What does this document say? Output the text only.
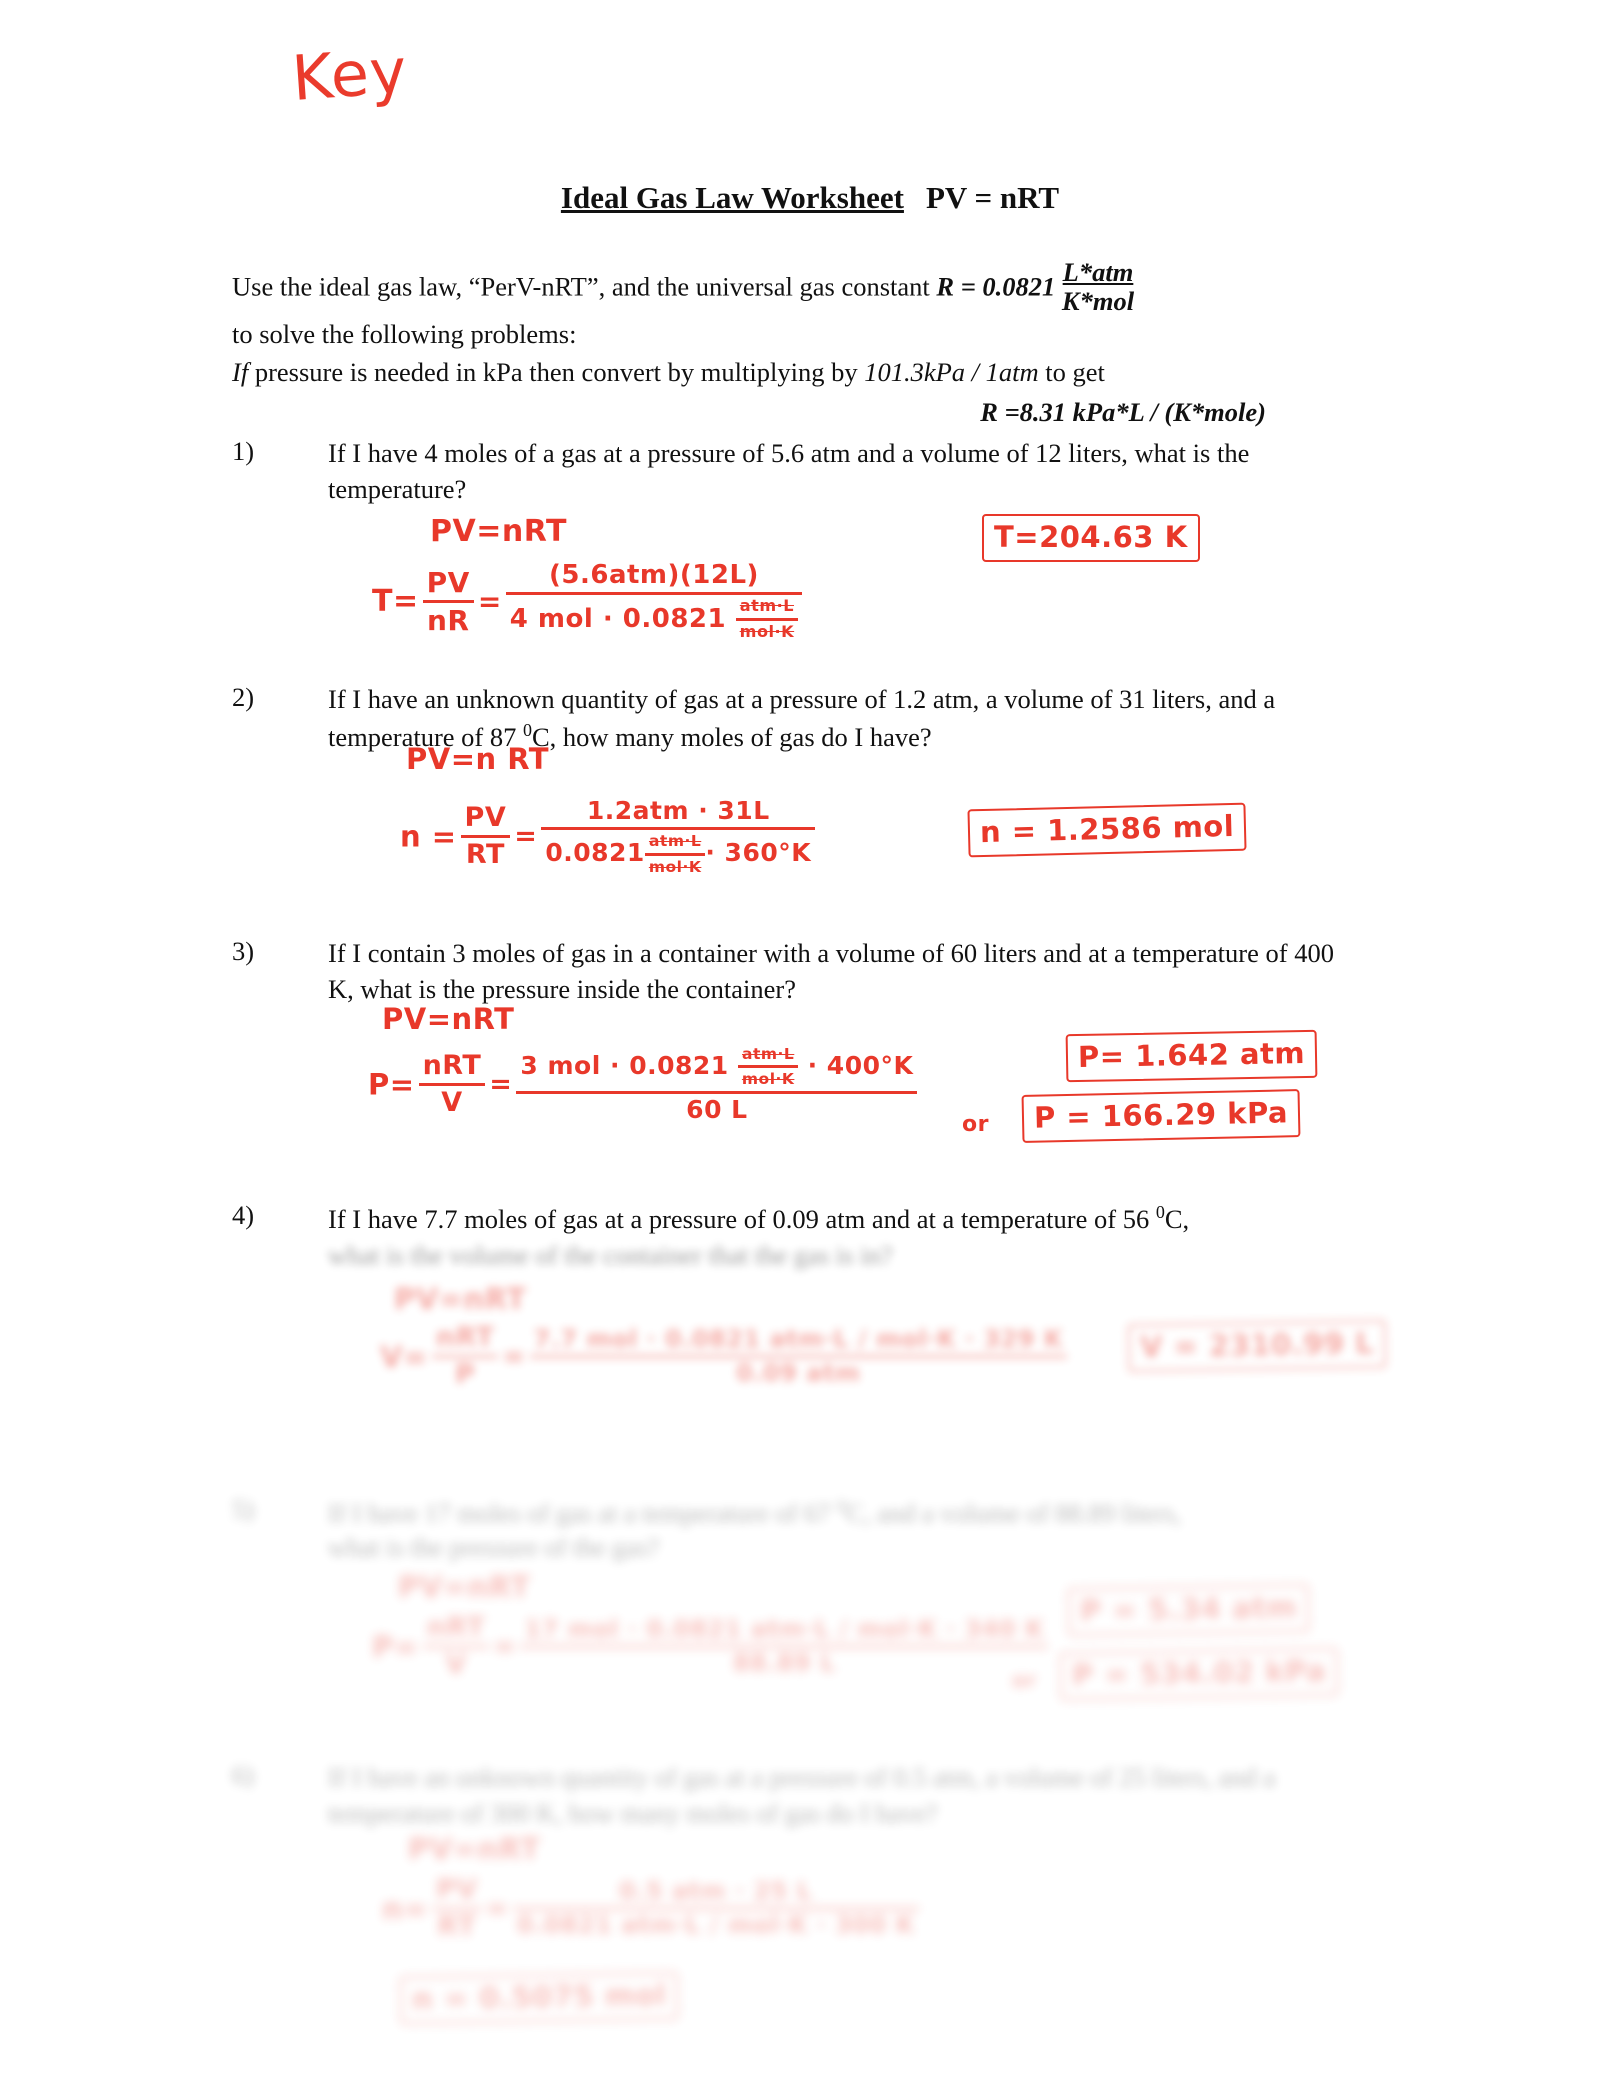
Key
Ideal Gas Law Worksheet PV = nRT
Use the ideal gas law, “PerV-nRT”, and the universal gas constant $R = 0.0821 \frac{\text{L*atm}}{\text{K*mol}}$
to solve the following problems:
If pressure is needed in kPa then convert by multiplying by 101.3kPa / 1atm to get
R =8.31 kPa*L / (K*mole)
1)	If I have 4 moles of a gas at a pressure of 5.6 atm and a volume of 12 liters, what is the temperature?
PV=nRT
$T= \frac{PV}{nR}$ =
(5.6atm)(12L)
4 mol · 0.0821 atm·L
mol·K
T=204.63 K
2)	If I have an unknown quantity of gas at a pressure of 1.2 atm, a volume of 31 liters, and a temperature of 87 $^0$C, how many moles of gas do I have?
PV=n RT
$n = \frac{PV}{RT}$ =
1.2atm · 31L
0.0821 atm·L
mol·K · 360°K
n = 1.2586 mol
3)	If I contain 3 moles of gas in a container with a volume of 60 liters and at a temperature of 400 K, what is the pressure inside the container?
PV=nRT
P=
nRT
V
=
3 mol · 0.0821 atm·L
mol·K · 400°K
60 L
P= 1.642 atm
or	P = 166.29 kPa
4)	If I have 7.7 moles of gas at a pressure of 0.09 atm and at a temperature of 56 $^0$C,
what is the volume of the container that the gas is in?
PV=nRT
V=
nRT
P
=
7.7 mol · 0.0821 atm·L / mol·K · 329 K
0.09 atm
V = 2310.99 L
5)	If I have 17 moles of gas at a temperature of 67 $^0$C, and a volume of 88.89 liters,
what is the pressure of the gas?
PV=nRT
P=
nRT
V
=
17 mol · 0.0821 atm·L / mol·K · 340 K
88.89 L
P = 5.34 atm
or	P = 534.02 kPa
6)	If I have an unknown quantity of gas at a pressure of 0.5 atm, a volume of 25 liters, and a temperature of 300 K, how many moles of gas do I have?
PV=nRT
$n= \frac{PV}{RT}$ =
0.5 atm · 25 L
0.0821 atm·L / mol·K · 300 K
n = 0.5075 mol
